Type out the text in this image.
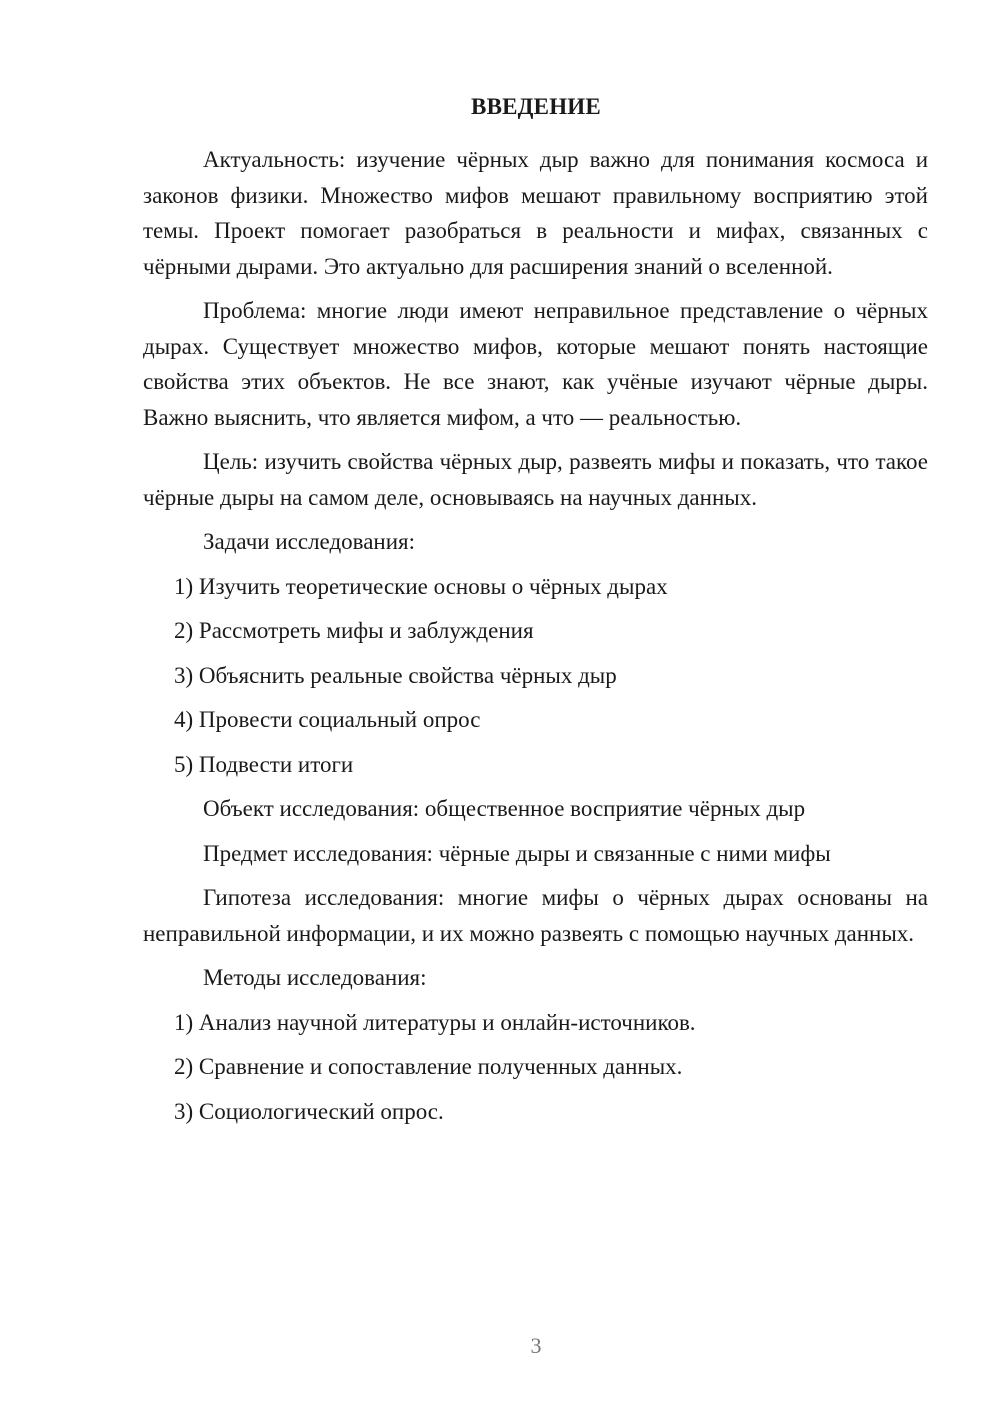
ВВЕДЕНИЕ

Актуальность: изучение чёрных дыр важно для понимания космоса и законов физики. Множество мифов мешают правильному восприятию этой темы. Проект помогает разобраться в реальности и мифах, связанных с чёрными дырами. Это актуально для расширения знаний о вселенной.

Проблема: многие люди имеют неправильное представление о чёрных дырах. Существует множество мифов, которые мешают понять настоящие свойства этих объектов. Не все знают, как учёные изучают чёрные дыры. Важно выяснить, что является мифом, а что — реальностью.

Цель: изучить свойства чёрных дыр, развеять мифы и показать, что такое чёрные дыры на самом деле, основываясь на научных данных.

Задачи исследования:

1) Изучить теоретические основы о чёрных дырах

2) Рассмотреть мифы и заблуждения

3) Объяснить реальные свойства чёрных дыр

4) Провести социальный опрос

5) Подвести итоги

Объект исследования: общественное восприятие чёрных дыр

Предмет исследования: чёрные дыры и связанные с ними мифы

Гипотеза исследования: многие мифы о чёрных дырах основаны на неправильной информации, и их можно развеять с помощью научных данных.

Методы исследования:

1) Анализ научной литературы и онлайн-источников.

2) Сравнение и сопоставление полученных данных.

3) Социологический опрос.

3
